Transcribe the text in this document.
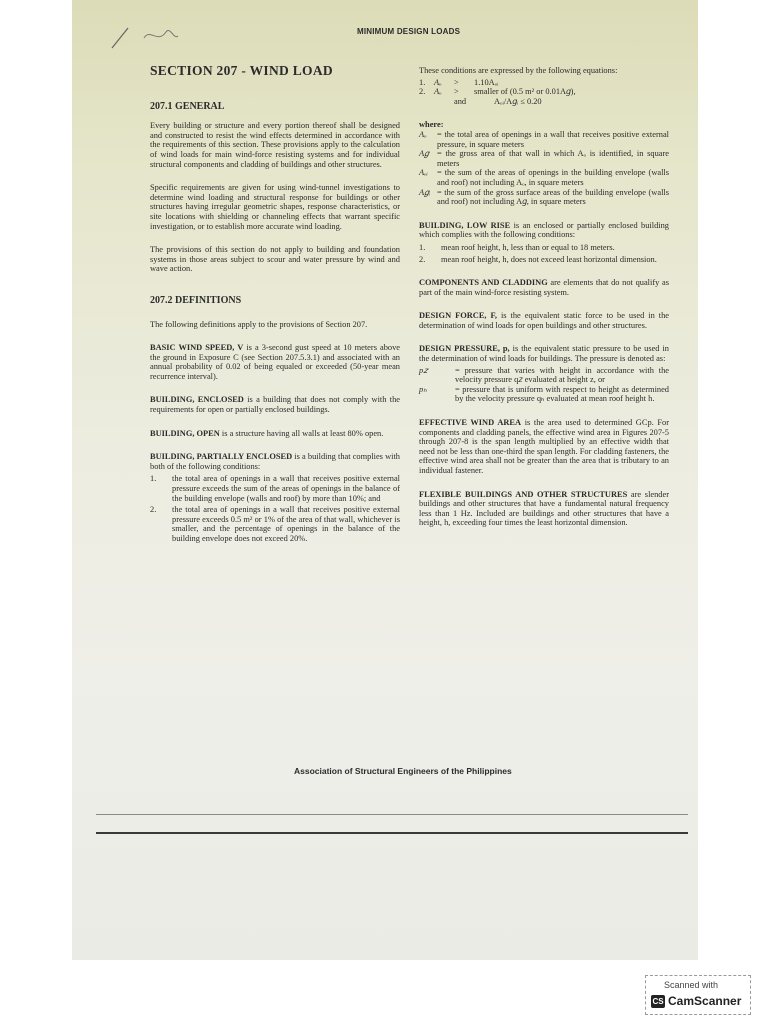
MINIMUM DESIGN LOADS
SECTION 207 - WIND LOAD
207.1 GENERAL

Every building or structure and every portion thereof shall be designed and constructed to resist the wind effects determined in accordance with the requirements of this section. These provisions apply to the calculation of wind loads for main wind-force resisting systems and for individual structural components and cladding of buildings and other structures.

Specific requirements are given for using wind-tunnel investigations to determine wind loading and structural response for buildings or other structures having irregular geometric shapes, response characteristics, or site locations with shielding or channeling effects that warrant specific investigation, or to establish more accurate wind loading.

The provisions of this section do not apply to building and foundation systems in those areas subject to scour and water pressure by wind and wave action.

207.2 DEFINITIONS

The following definitions apply to the provisions of Section 207.

BASIC WIND SPEED, V is a 3-second gust speed at 10 meters above the ground in Exposure C (see Section 207.5.3.1) and associated with an annual probability of 0.02 of being equaled or exceeded (50-year mean recurrence interval).

BUILDING, ENCLOSED is a building that does not comply with the requirements for open or partially enclosed buildings.

BUILDING, OPEN is a structure having all walls at least 80% open.

BUILDING, PARTIALLY ENCLOSED is a building that complies with both of the following conditions:

1.	the total area of openings in a wall that receives positive external pressure exceeds the sum of the areas of openings in the balance of the building envelope (walls and roof) by more than 10%; and
2.	the total area of openings in a wall that receives positive external pressure exceeds 0.5 m² or 1% of the area of that wall, whichever is smaller, and the percentage of openings in the balance of the building envelope does not exceed 20%.

These conditions are expressed by the following equations:

1.	Aₒ	>	1.10Aₒᵢ
2.	Aₒ	>	smaller of (0.5 m² or 0.01A𝑔),
and	Aₒᵢ/A𝑔ᵢ ≤ 0.20
where:
Aₒ	= the total area of openings in a wall that receives positive external pressure, in square meters
A𝑔 = the gross area of that wall in which Aₒ is identified, in square meters
Aₒᵢ	= the sum of the areas of openings in the building envelope (walls and roof) not including Aₒ, in square meters
A𝑔ᵢ = the sum of the gross surface areas of the building envelope (walls and roof) not including A𝑔, in square meters

BUILDING, LOW RISE is an enclosed or partially enclosed building which complies with the following conditions:

1.	mean roof height, h, less than or equal to 18 meters.
2.	mean roof height, h, does not exceed least horizontal dimension.

COMPONENTS AND CLADDING are elements that do not qualify as part of the main wind-force resisting system.

DESIGN FORCE, F, is the equivalent static force to be used in the determination of wind loads for open buildings and other structures.

DESIGN PRESSURE, p, is the equivalent static pressure to be used in the determination of wind loads for buildings. The pressure is denoted as:

p𝑧	= pressure that varies with height in accordance with the velocity pressure q𝑧 evaluated at height z, or
pₕ	= pressure that is uniform with respect to height as determined by the velocity pressure qₕ evaluated at mean roof height h.

EFFECTIVE WIND AREA is the area used to determined GCp. For components and cladding panels, the effective wind area in Figures 207-5 through 207-8 is the span length multiplied by an effective width that need not be less than one-third the span length. For cladding fasteners, the effective wind area shall not be greater than the area that is tributary to an individual fastener.

FLEXIBLE BUILDINGS AND OTHER STRUCTURES are slender buildings and other structures that have a fundamental natural frequency less than 1 Hz. Included are buildings and other structures that have a height, h, exceeding four times the least horizontal dimension.

Association of Structural Engineers of the Philippines
Scanned with
CS CamScanner
